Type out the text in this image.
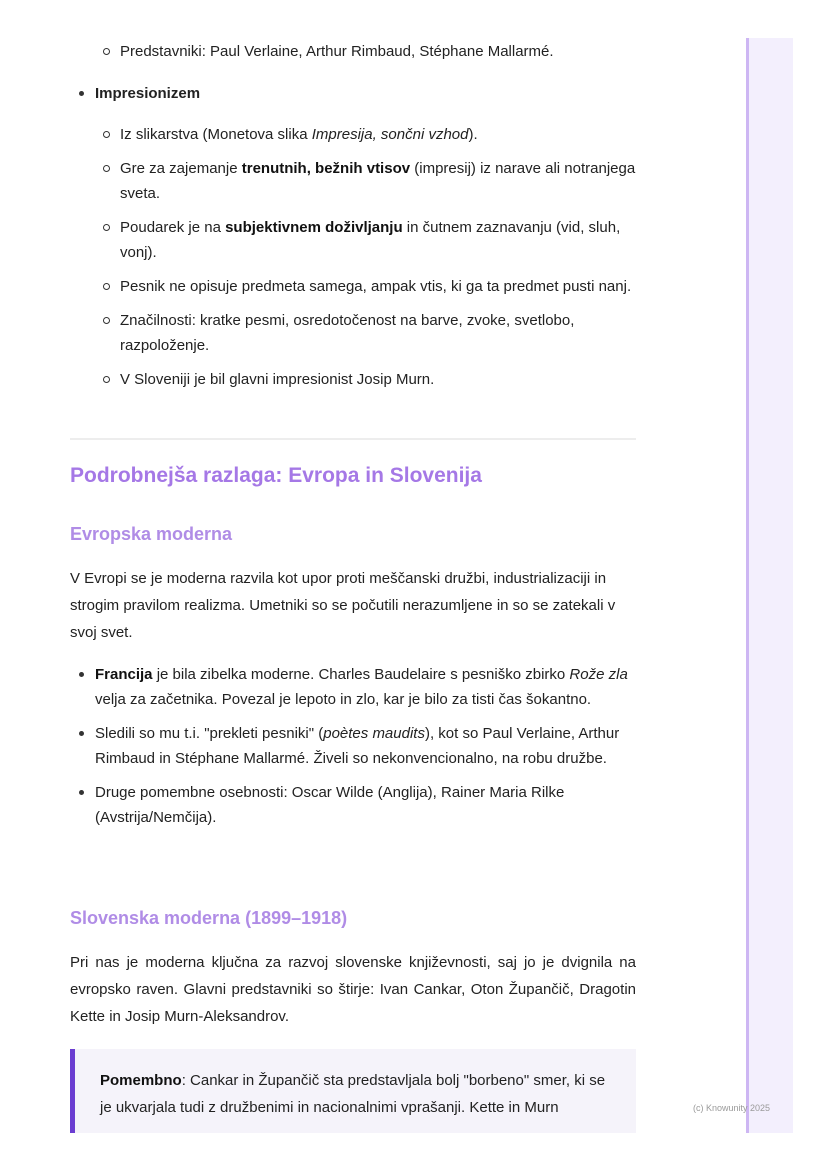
(c) Knowunity 2025
Predstavniki: Paul Verlaine, Arthur Rimbaud, Stéphane Mallarmé.
Impresionizem
Iz slikarstva (Monetova slika Impresija, sončni vzhod).
Gre za zajemanje trenutnih, bežnih vtisov (impresij) iz narave ali notranjega sveta.
Poudarek je na subjektivnem doživljanju in čutnem zaznavanju (vid, sluh, vonj).
Pesnik ne opisuje predmeta samega, ampak vtis, ki ga ta predmet pusti nanj.
Značilnosti: kratke pesmi, osredotočenost na barve, zvoke, svetlobo, razpoloženje.
V Sloveniji je bil glavni impresionist Josip Murn.
Podrobnejša razlaga: Evropa in Slovenija
Evropska moderna

V Evropi se je moderna razvila kot upor proti meščanski družbi, industrializaciji in strogim pravilom realizma. Umetniki so se počutili nerazumljene in so se zatekali v svoj svet.

Francija je bila zibelka moderne. Charles Baudelaire s pesniško zbirko Rože zla velja za začetnika. Povezal je lepoto in zlo, kar je bilo za tisti čas šokantno.
Sledili so mu t.i. "prekleti pesniki" (poètes maudits), kot so Paul Verlaine, Arthur Rimbaud in Stéphane Mallarmé. Živeli so nekonvencionalno, na robu družbe.
Druge pomembne osebnosti: Oscar Wilde (Anglija), Rainer Maria Rilke (Avstrija/Nemčija).
Slovenska moderna (1899–1918)

Pri nas je moderna ključna za razvoj slovenske književnosti, saj jo je dvignila na evropsko raven. Glavni predstavniki so štirje: Ivan Cankar, Oton Župančič, Dragotin Kette in Josip Murn-Aleksandrov.

Pomembno: Cankar in Župančič sta predstavljala bolj "borbeno" smer, ki se je ukvarjala tudi z družbenimi in nacionalnimi vprašanji. Kette in Murn
